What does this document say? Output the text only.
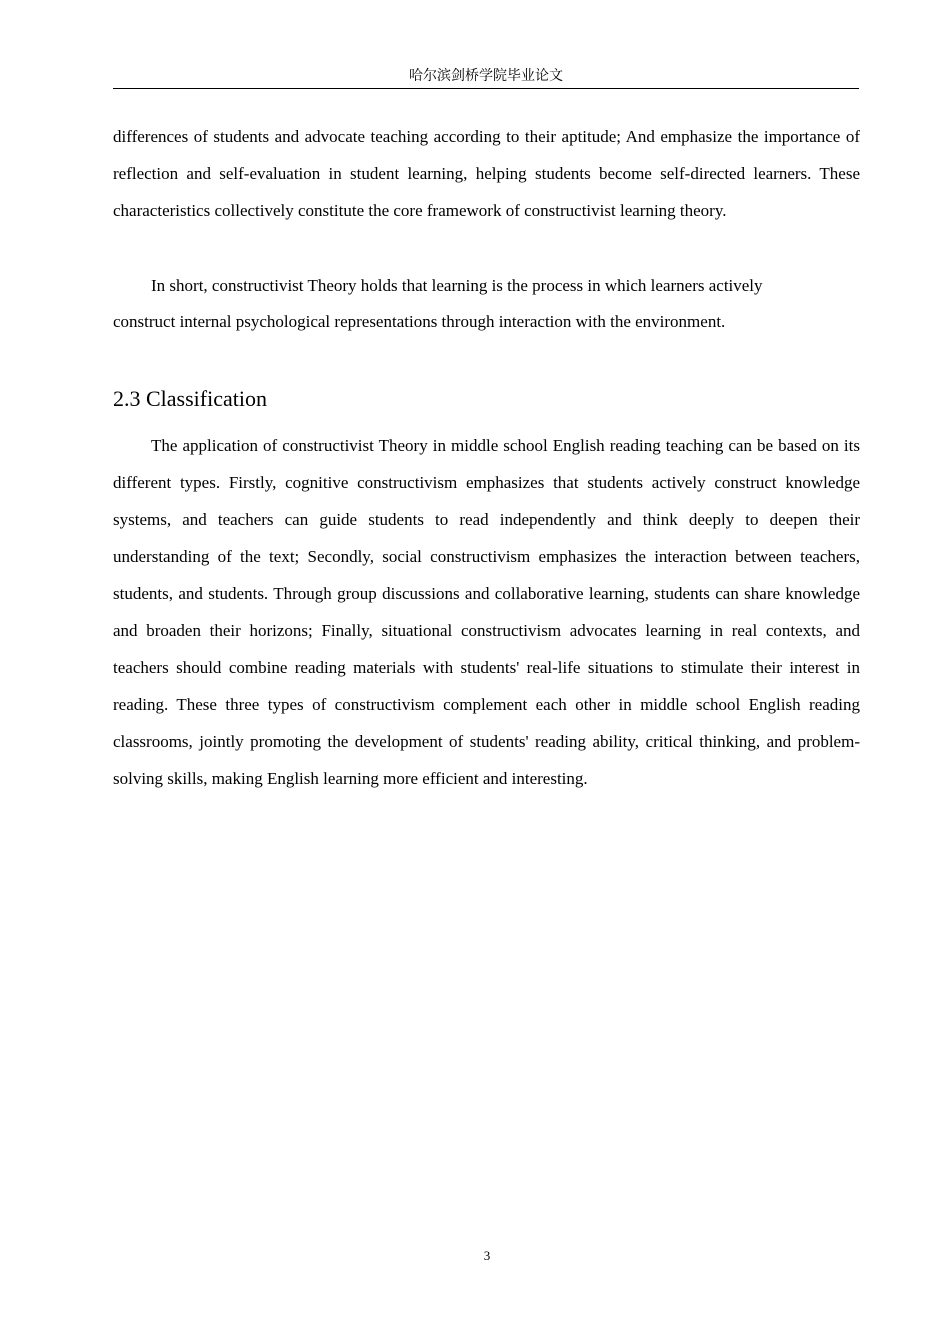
哈尔滨剑桥学院毕业论文

differences of students and advocate teaching according to their aptitude; And emphasize the importance of reflection and self-evaluation in student learning, helping students become self-directed learners. These characteristics collectively constitute the core framework of constructivist learning theory.

In short, constructivist Theory holds that learning is the process in which learners actively construct internal psychological representations through interaction with the environment.

2.3 Classification

The application of constructivist Theory in middle school English reading teaching can be based on its different types. Firstly, cognitive constructivism emphasizes that students actively construct knowledge systems, and teachers can guide students to read independently and think deeply to deepen their understanding of the text; Secondly, social constructivism emphasizes the interaction between teachers, students, and students. Through group discussions and collaborative learning, students can share knowledge and broaden their horizons; Finally, situational constructivism advocates learning in real contexts, and teachers should combine reading materials with students' real-life situations to stimulate their interest in reading. These three types of constructivism complement each other in middle school English reading classrooms, jointly promoting the development of students' reading ability, critical thinking, and problem-solving skills, making English learning more efficient and interesting.

3
